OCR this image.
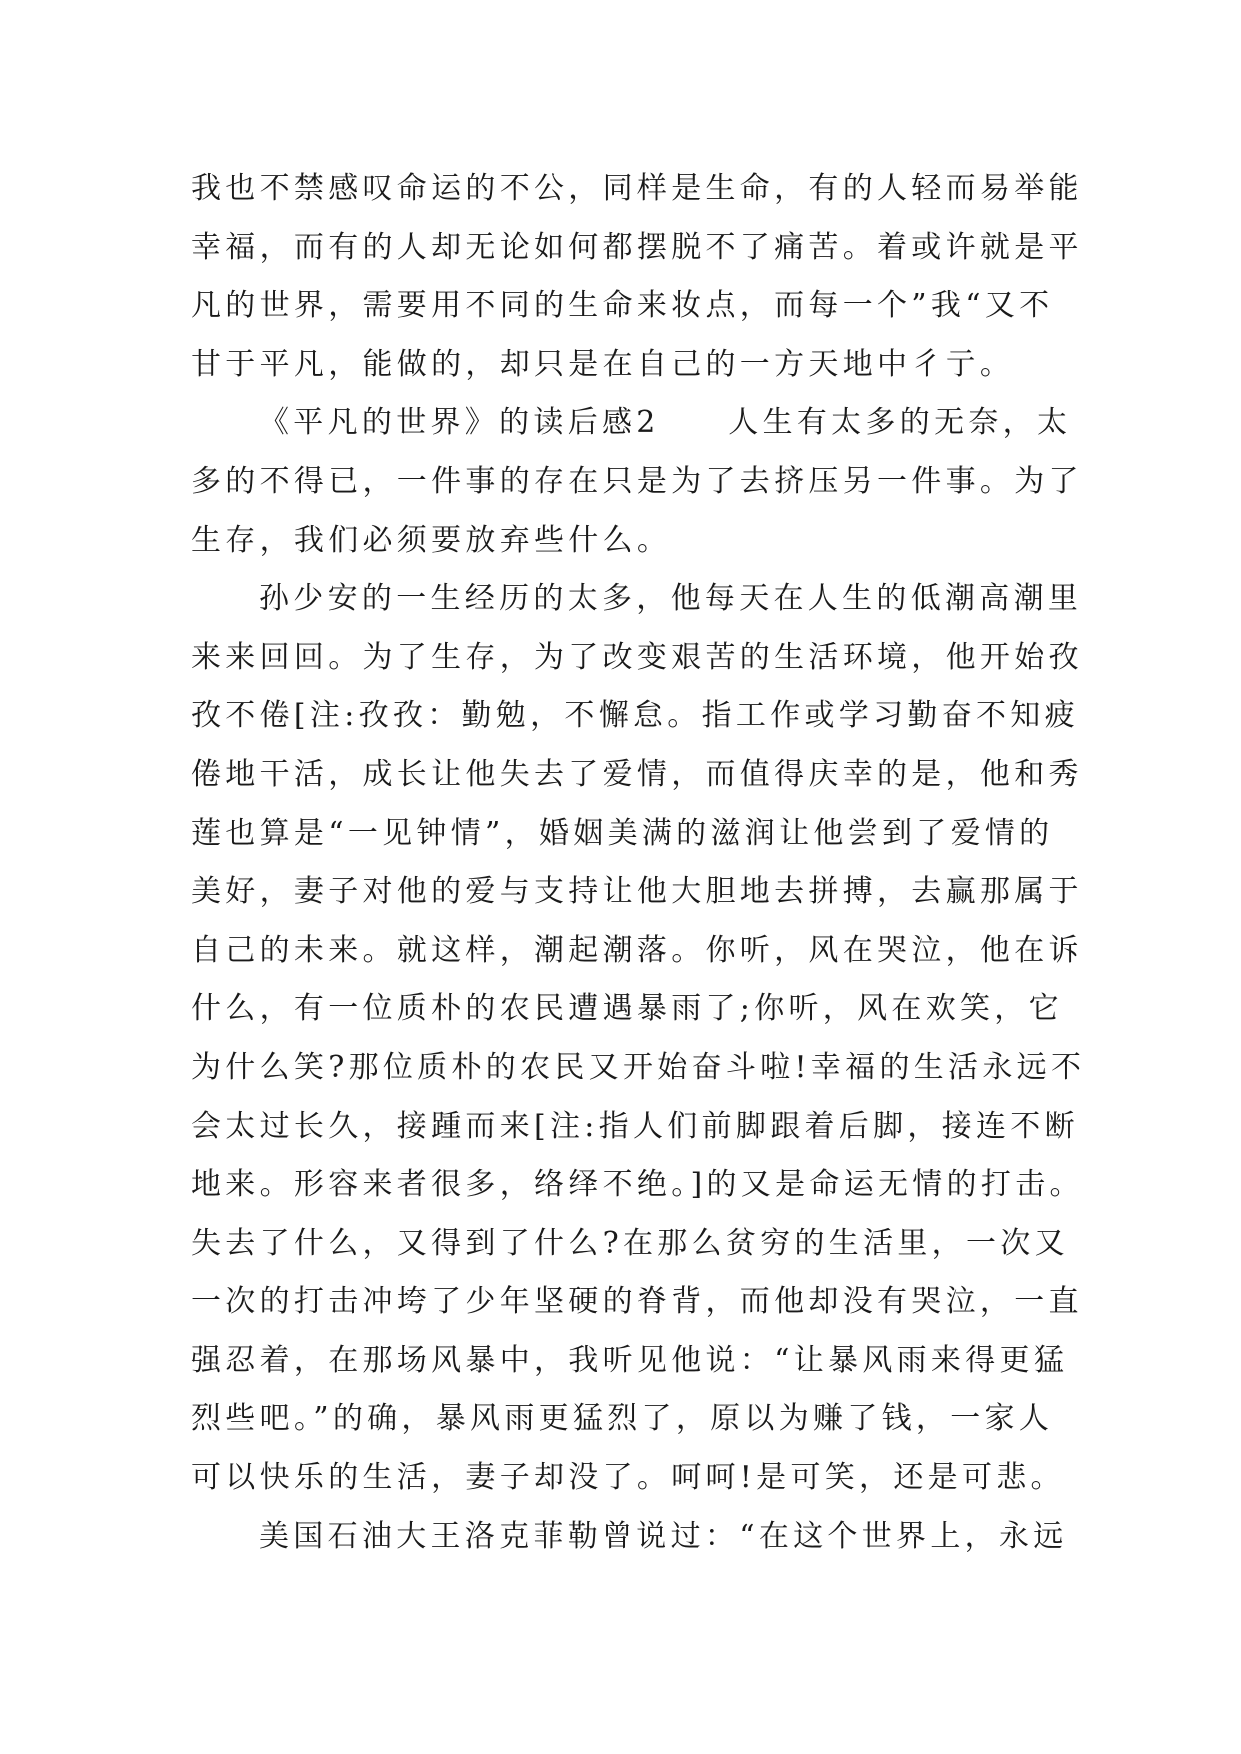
我也不禁感叹命运的不公，同样是生命，有的人轻而易举能
幸福，而有的人却无论如何都摆脱不了痛苦。着或许就是平
凡的世界，需要用不同的生命来妆点，而每一个”我“又不
甘于平凡，能做的，却只是在自己的一方天地中彳亍。
《平凡的世界》的读后感2　　人生有太多的无奈，太
多的不得已，一件事的存在只是为了去挤压另一件事。为了
生存，我们必须要放弃些什么。
孙少安的一生经历的太多，他每天在人生的低潮高潮里
来来回回。为了生存，为了改变艰苦的生活环境，他开始孜
孜不倦[注:孜孜：勤勉，不懈怠。指工作或学习勤奋不知疲
倦地干活，成长让他失去了爱情，而值得庆幸的是，他和秀
莲也算是“一见钟情”，婚姻美满的滋润让他尝到了爱情的
美好，妻子对他的爱与支持让他大胆地去拼搏，去赢那属于
自己的未来。就这样，潮起潮落。你听，风在哭泣，他在诉
什么，有一位质朴的农民遭遇暴雨了;你听，风在欢笑，它
为什么笑?那位质朴的农民又开始奋斗啦!幸福的生活永远不
会太过长久，接踵而来[注:指人们前脚跟着后脚，接连不断
地来。形容来者很多，络绎不绝。]的又是命运无情的打击。
失去了什么，又得到了什么?在那么贫穷的生活里，一次又
一次的打击冲垮了少年坚硬的脊背，而他却没有哭泣，一直
强忍着，在那场风暴中，我听见他说：“让暴风雨来得更猛
烈些吧。”的确，暴风雨更猛烈了，原以为赚了钱，一家人
可以快乐的生活，妻子却没了。呵呵!是可笑，还是可悲。
美国石油大王洛克菲勒曾说过：“在这个世界上，永远
